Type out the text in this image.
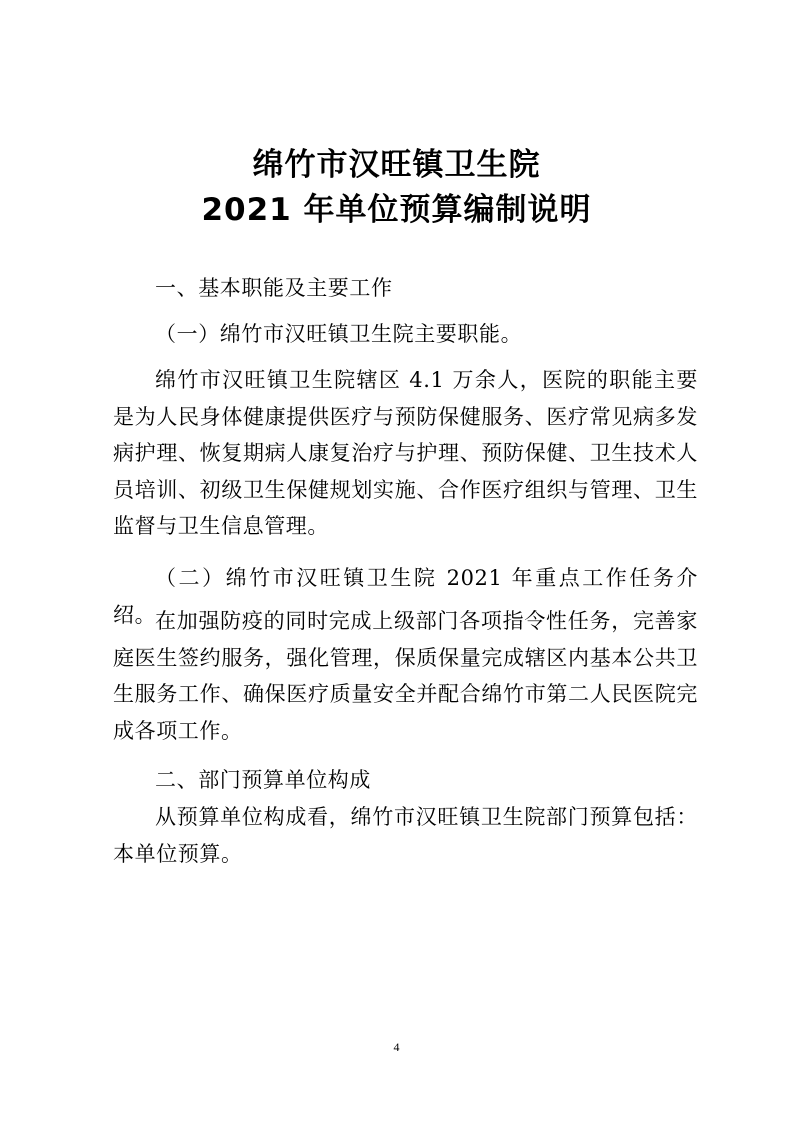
绵竹市汉旺镇卫生院
2021 年单位预算编制说明
一、基本职能及主要工作
（一）绵竹市汉旺镇卫生院主要职能。
绵竹市汉旺镇卫生院辖区 4.1 万余人，医院的职能主要是为人民身体健康提供医疗与预防保健服务、医疗常见病多发病护理、恢复期病人康复治疗与护理、预防保健、卫生技术人员培训、初级卫生保健规划实施、合作医疗组织与管理、卫生监督与卫生信息管理。
（二）绵竹市汉旺镇卫生院 2021 年重点工作任务介绍。
在加强防疫的同时完成上级部门各项指令性任务，完善家庭医生签约服务，强化管理，保质保量完成辖区内基本公共卫生服务工作、确保医疗质量安全并配合绵竹市第二人民医院完成各项工作。
二、部门预算单位构成
从预算单位构成看，绵竹市汉旺镇卫生院部门预算包括：本单位预算。
4
